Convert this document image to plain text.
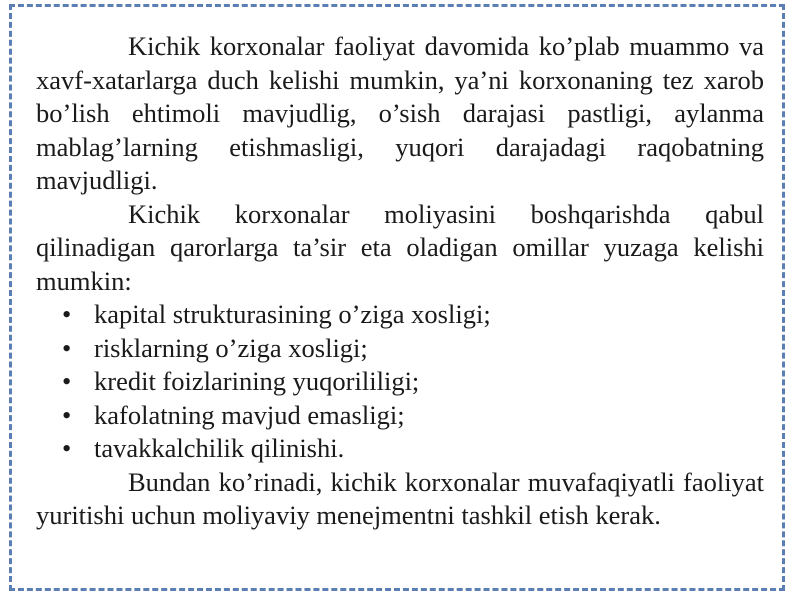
Kichik korxonalar faoliyat davomida ko’plab muammo va xavf-xatarlarga duch kelishi mumkin, ya’ni korxonaning tez xarob bo’lish ehtimoli mavjudlig, o’sish darajasi pastligi, aylanma mablag’larning etishmasligi, yuqori darajadagi raqobatning mavjudligi.

Kichik korxonalar moliyasini boshqarishda qabul qilinadigan qarorlarga ta’sir eta oladigan omillar yuzaga kelishi mumkin:

• kapital strukturasining o’ziga xosligi;
• risklarning o’ziga xosligi;
• kredit foizlarining yuqorililigi;
• kafolatning mavjud emasligi;
• tavakkalchilik qilinishi.

Bundan ko’rinadi, kichik korxonalar muvafaqiyatli faoliyat yuritishi uchun moliyaviy menejmentni tashkil etish kerak.
